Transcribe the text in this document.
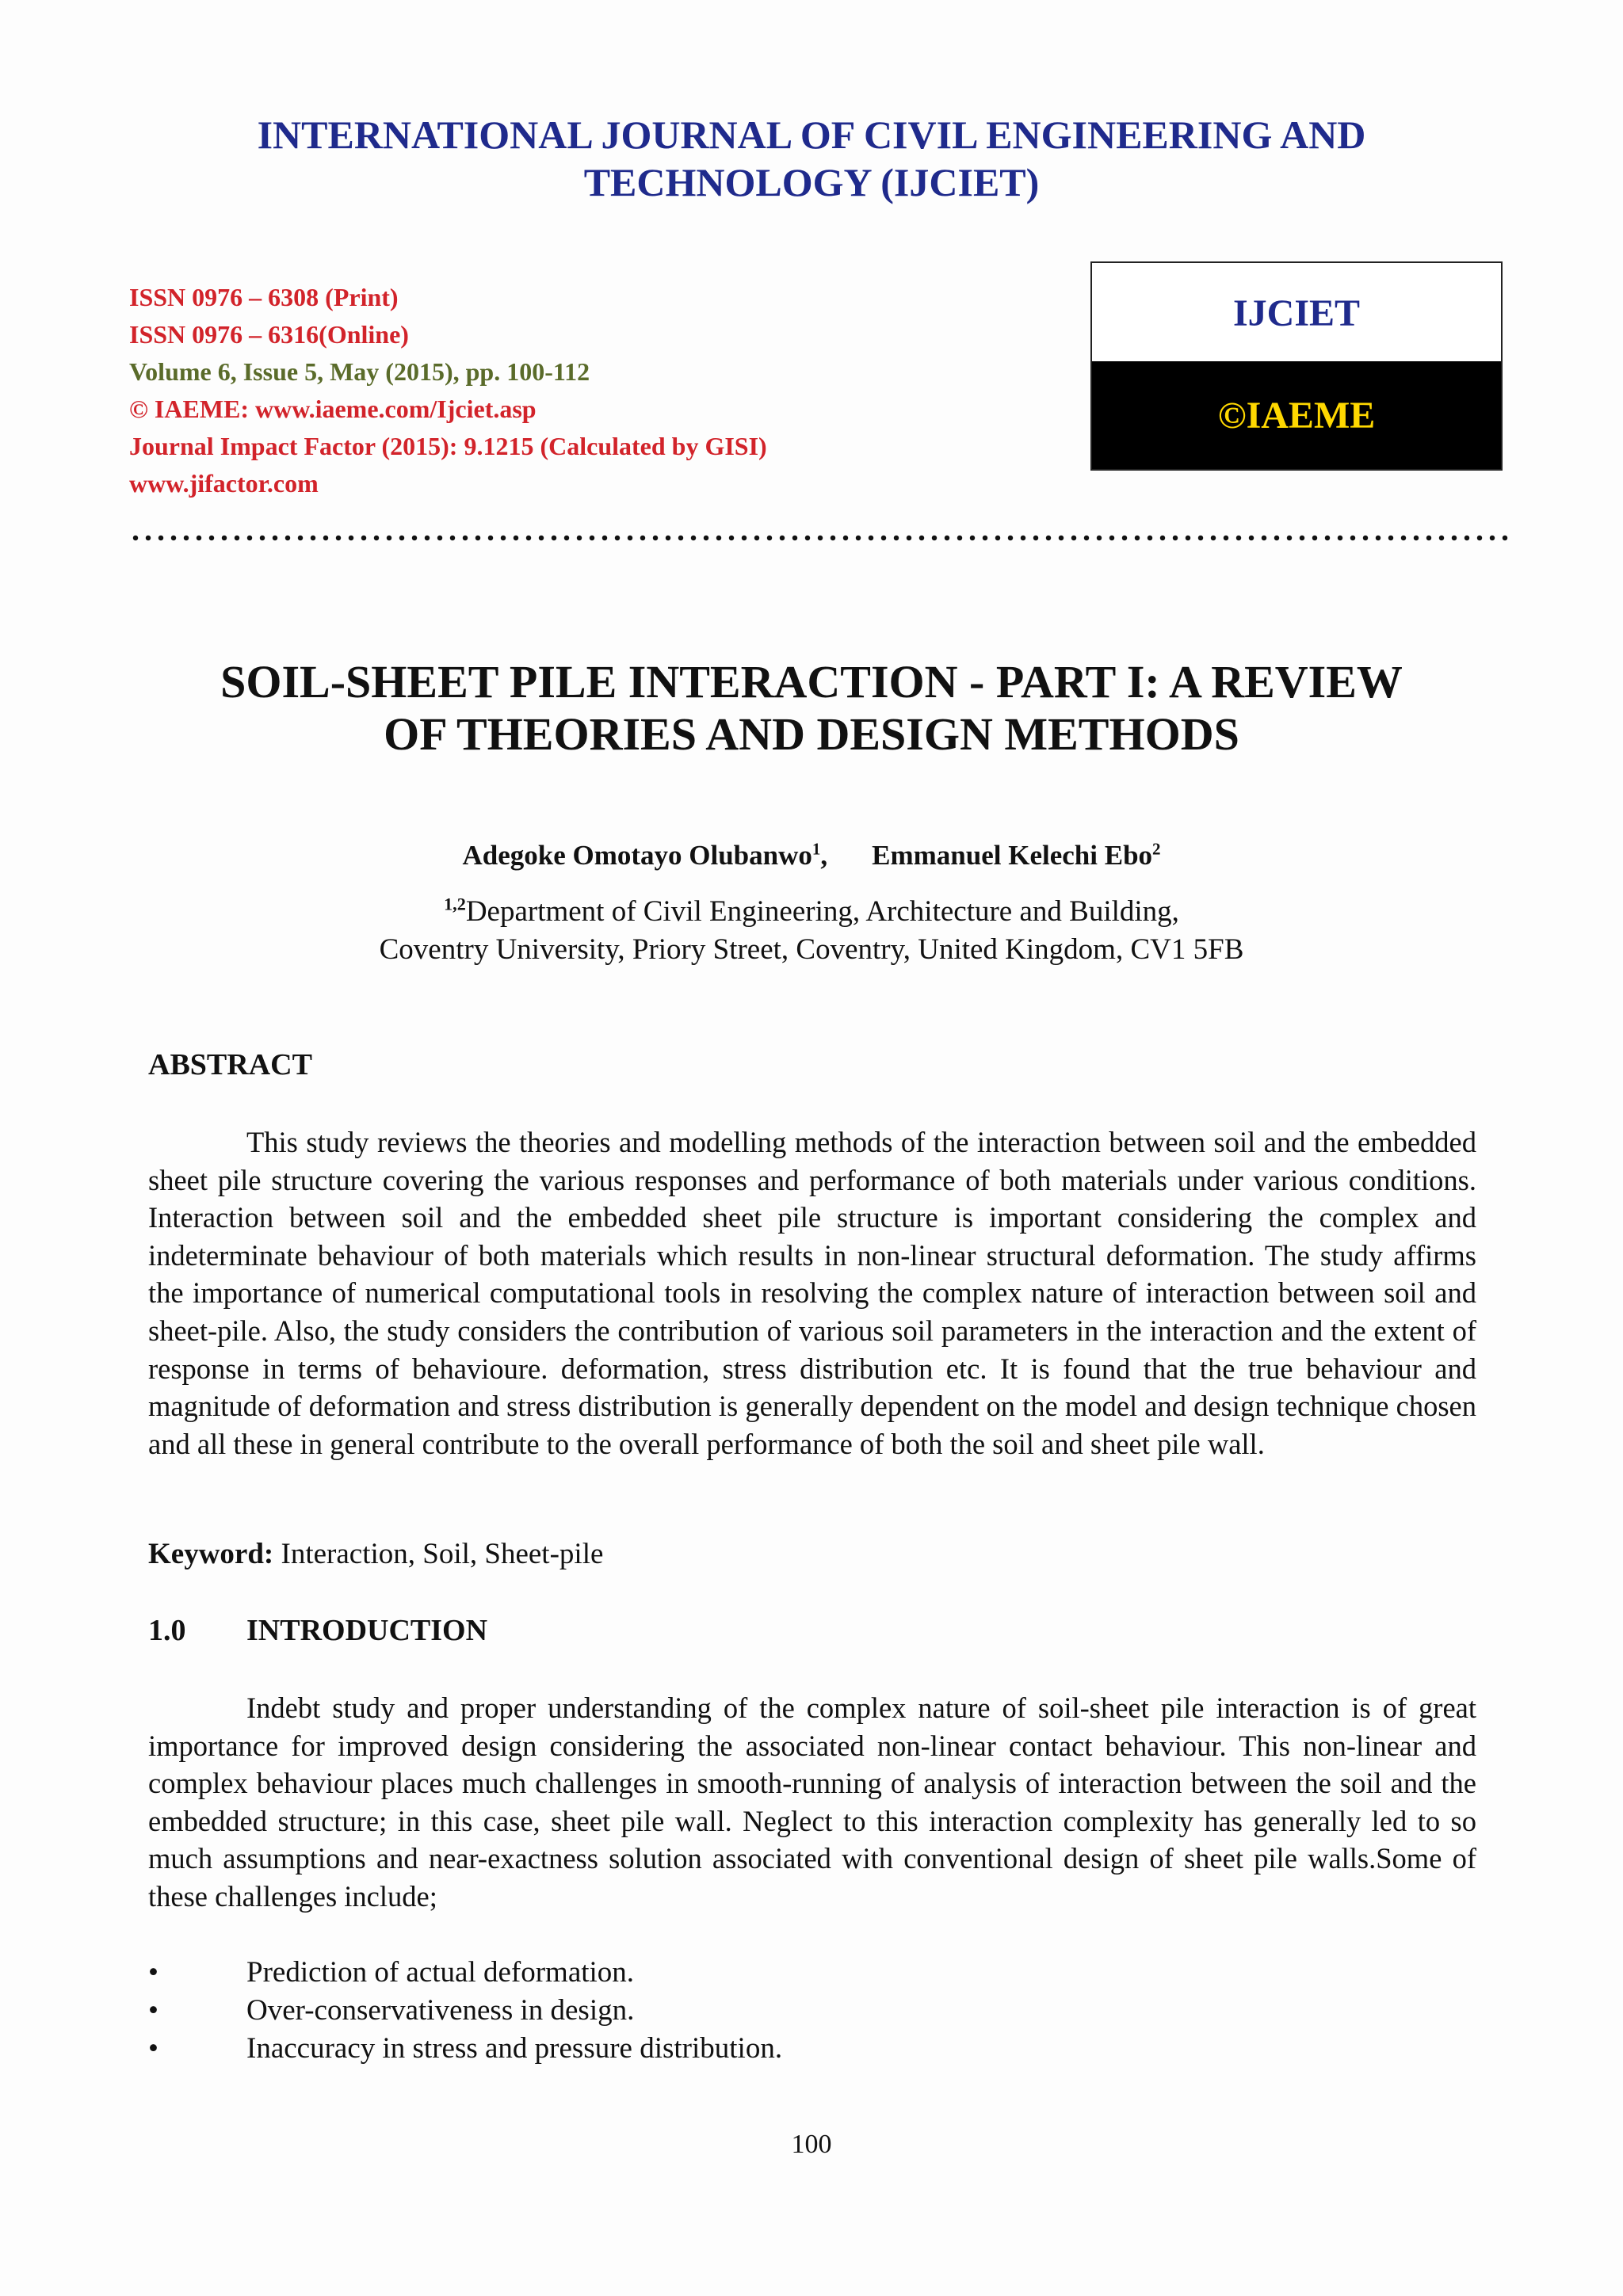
INTERNATIONAL JOURNAL OF CIVIL ENGINEERING AND
TECHNOLOGY (IJCIET)
ISSN 0976 – 6308 (Print)
ISSN 0976 – 6316(Online)
Volume 6, Issue 5, May (2015), pp. 100-112
© IAEME: www.iaeme.com/Ijciet.asp
Journal Impact Factor (2015): 9.1215 (Calculated by GISI)
www.jifactor.com
IJCIET
©IAEME
SOIL-SHEET PILE INTERACTION - PART I: A REVIEW
OF THEORIES AND DESIGN METHODS
Adegoke Omotayo Olubanwo$^1$, Emmanuel Kelechi Ebo$^2$
$^{1,2}$Department of Civil Engineering, Architecture and Building,
Coventry University, Priory Street, Coventry, United Kingdom, CV1 5FB
ABSTRACT
This study reviews the theories and modelling methods of the interaction between soil and the embedded sheet pile structure covering the various responses and performance of both materials under various conditions. Interaction between soil and the embedded sheet pile structure is important considering the complex and indeterminate behaviour of both materials which results in non-linear structural deformation. The study affirms the importance of numerical computational tools in resolving the complex nature of interaction between soil and sheet-pile. Also, the study considers the contribution of various soil parameters in the interaction and the extent of response in terms of behavioure. deformation, stress distribution etc. It is found that the true behaviour and magnitude of deformation and stress distribution is generally dependent on the model and design technique chosen and all these in general contribute to the overall performance of both the soil and sheet pile wall.
Keyword: Interaction, Soil, Sheet-pile
1.0 INTRODUCTION
Indebt study and proper understanding of the complex nature of soil-sheet pile interaction is of great importance for improved design considering the associated non-linear contact behaviour. This non-linear and complex behaviour places much challenges in smooth-running of analysis of interaction between the soil and the embedded structure; in this case, sheet pile wall. Neglect to this interaction complexity has generally led to so much assumptions and near-exactness solution associated with conventional design of sheet pile walls.Some of these challenges include;
•	Prediction of actual deformation.
•	Over-conservativeness in design.
•	Inaccuracy in stress and pressure distribution.
100
